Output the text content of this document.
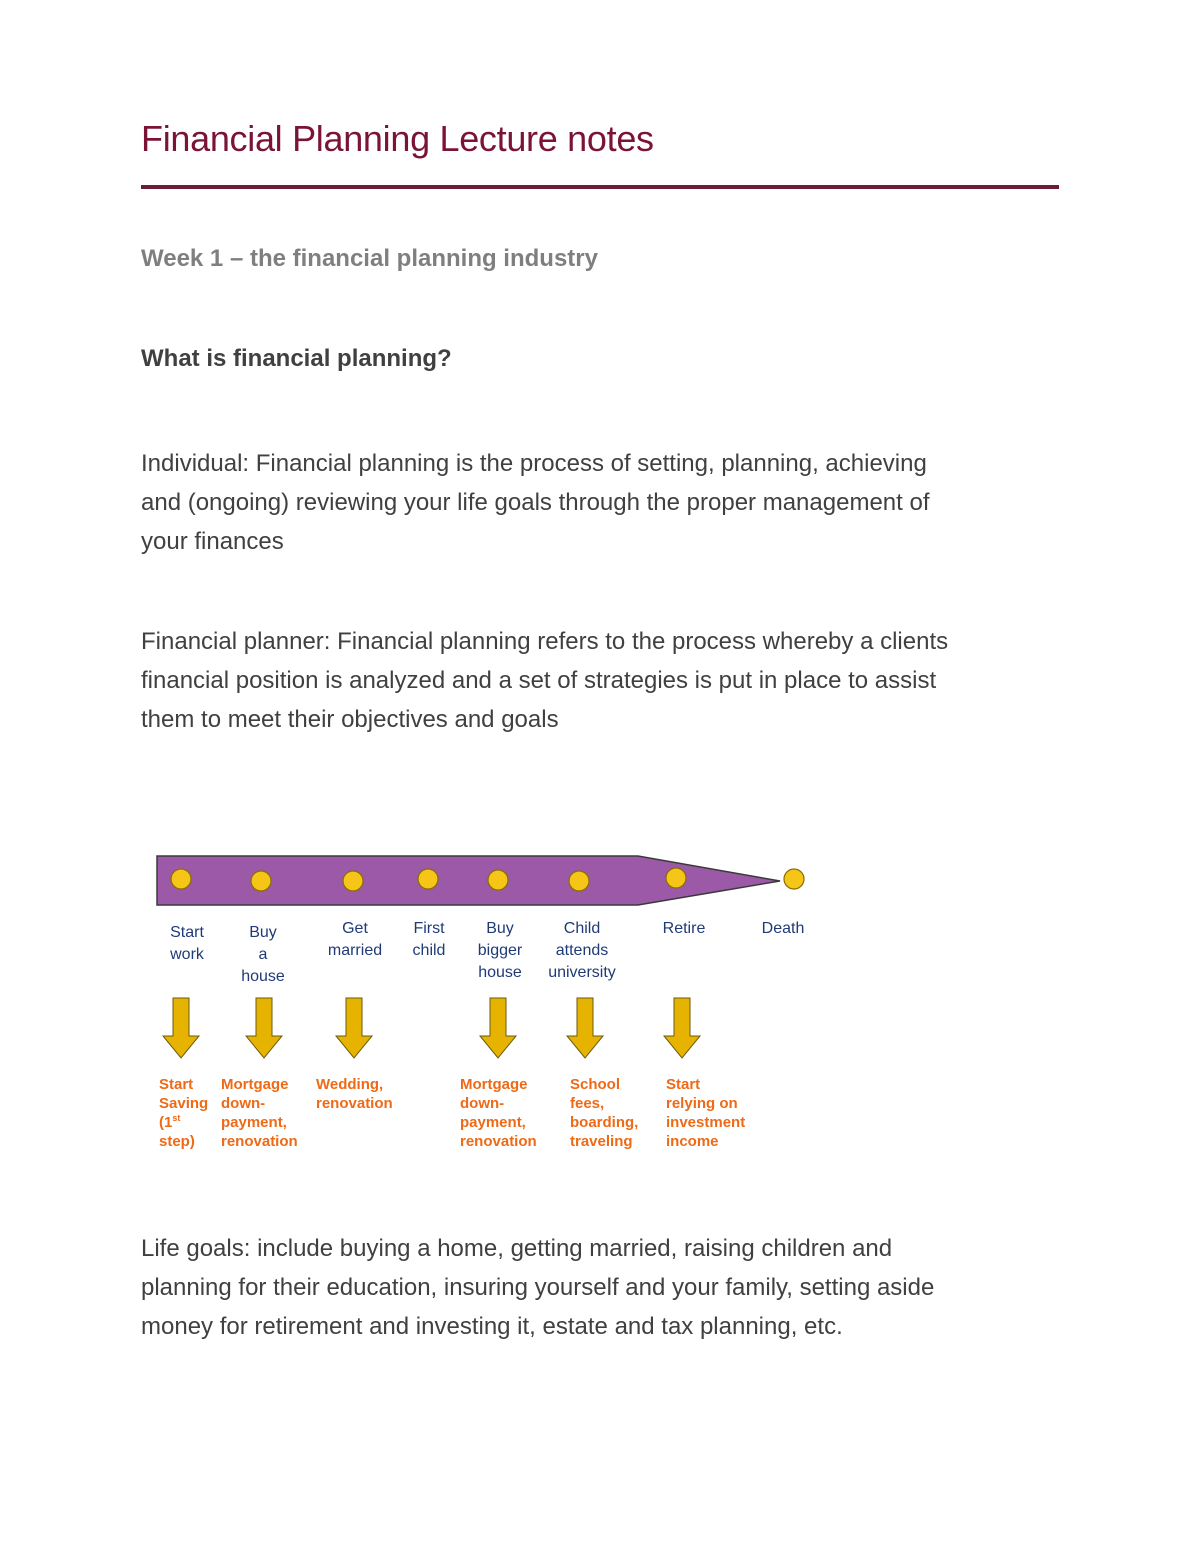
Financial Planning Lecture notes
Week 1 – the financial planning industry
What is financial planning?

Individual: Financial planning is the process of setting, planning, achieving
and (ongoing) reviewing your life goals through the proper management of
your finances

Financial planner: Financial planning refers to the process whereby a clients
financial position is analyzed and a set of strategies is put in place to assist
them to meet their objectives and goals

Start
work
Buy
a
house
Get
married
First
child
Buy
bigger
house
Child
attends
university
Retire	Death
Start
Saving
(1st
step)
Mortgage
down-
payment,
renovation
Wedding,
renovation
Mortgage
down-
payment,
renovation
School
fees,
boarding,
traveling
Start
relying on
investment
income

Life goals: include buying a home, getting married, raising children and
planning for their education, insuring yourself and your family, setting aside
money for retirement and investing it, estate and tax planning, etc.
